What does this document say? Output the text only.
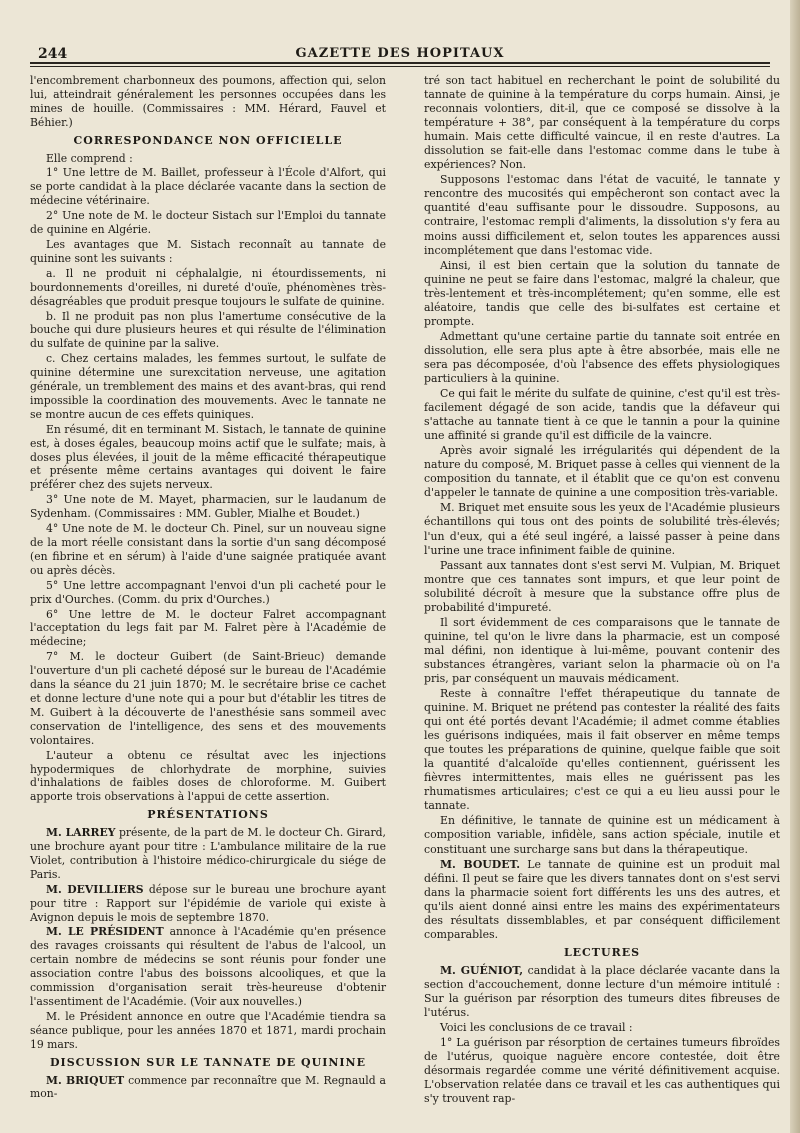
244	GAZETTE DES HOPITAUX

l'encombrement charbonneux des poumons, affection qui, selon lui, atteindrait généralement les personnes occupées dans les mines de houille. (Commissaires : MM. Hérard, Fauvel et Béhier.)

CORRESPONDANCE NON OFFICIELLE

Elle comprend :

1° Une lettre de M. Baillet, professeur à l'École d'Alfort, qui se porte candidat à la place déclarée vacante dans la section de médecine vétérinaire.

2° Une note de M. le docteur Sistach sur l'Emploi du tannate de quinine en Algérie.

Les avantages que M. Sistach reconnaît au tannate de quinine sont les suivants :

a. Il ne produit ni céphalalgie, ni étourdissements, ni bourdonnements d'oreilles, ni dureté d'ouïe, phénomènes très-désagréables que produit presque toujours le sulfate de quinine.

b. Il ne produit pas non plus l'amertume consécutive de la bouche qui dure plusieurs heures et qui résulte de l'élimination du sulfate de quinine par la salive.

c. Chez certains malades, les femmes surtout, le sulfate de quinine détermine une surexcitation nerveuse, une agitation générale, un tremblement des mains et des avant-bras, qui rend impossible la coordination des mouvements. Avec le tannate ne se montre aucun de ces effets quiniques.

En résumé, dit en terminant M. Sistach, le tannate de quinine est, à doses égales, beaucoup moins actif que le sulfate; mais, à doses plus élevées, il jouit de la même efficacité thérapeutique et présente même certains avantages qui doivent le faire préférer chez des sujets nerveux.

3° Une note de M. Mayet, pharmacien, sur le laudanum de Sydenham. (Commissaires : MM. Gubler, Mialhe et Boudet.)

4° Une note de M. le docteur Ch. Pinel, sur un nouveau signe de la mort réelle consistant dans la sortie d'un sang décomposé (en fibrine et en sérum) à l'aide d'une saignée pratiquée avant ou après décès.

5° Une lettre accompagnant l'envoi d'un pli cacheté pour le prix d'Ourches. (Comm. du prix d'Ourches.)

6° Une lettre de M. le docteur Falret accompagnant l'acceptation du legs fait par M. Falret père à l'Académie de médecine;

7° M. le docteur Guibert (de Saint-Brieuc) demande l'ouverture d'un pli cacheté déposé sur le bureau de l'Académie dans la séance du 21 juin 1870; M. le secrétaire brise ce cachet et donne lecture d'une note qui a pour but d'établir les titres de M. Guibert à la découverte de l'anesthésie sans sommeil avec conservation de l'intelligence, des sens et des mouvements volontaires.

L'auteur a obtenu ce résultat avec les injections hypodermiques de chlorhydrate de morphine, suivies d'inhalations de faibles doses de chloroforme. M. Guibert apporte trois observations à l'appui de cette assertion.

PRÉSENTATIONS

M. LARREY présente, de la part de M. le docteur Ch. Girard, une brochure ayant pour titre : L'ambulance militaire de la rue Violet, contribution à l'histoire médico-chirurgicale du siége de Paris.

M. DEVILLIERS dépose sur le bureau une brochure ayant pour titre : Rapport sur l'épidémie de variole qui existe à Avignon depuis le mois de septembre 1870.

M. LE PRÉSIDENT annonce à l'Académie qu'en présence des ravages croissants qui résultent de l'abus de l'alcool, un certain nombre de médecins se sont réunis pour fonder une association contre l'abus des boissons alcooliques, et que la commission d'organisation serait très-heureuse d'obtenir l'assentiment de l'Académie. (Voir aux nouvelles.)

M. le Président annonce en outre que l'Académie tiendra sa séance publique, pour les années 1870 et 1871, mardi prochain 19 mars.

DISCUSSION SUR LE TANNATE DE QUININE

M. BRIQUET commence par reconnaître que M. Regnauld a mon-

tré son tact habituel en recherchant le point de solubilité du tannate de quinine à la température du corps humain. Ainsi, je reconnais volontiers, dit-il, que ce composé se dissolve à la température + 38°, par conséquent à la température du corps humain. Mais cette difficulté vaincue, il en reste d'autres. La dissolution se fait-elle dans l'estomac comme dans le tube à expériences? Non.

Supposons l'estomac dans l'état de vacuité, le tannate y rencontre des mucosités qui empêcheront son contact avec la quantité d'eau suffisante pour le dissoudre. Supposons, au contraire, l'estomac rempli d'aliments, la dissolution s'y fera au moins aussi difficilement et, selon toutes les apparences aussi incomplétement que dans l'estomac vide.

Ainsi, il est bien certain que la solution du tannate de quinine ne peut se faire dans l'estomac, malgré la chaleur, que très-lentement et très-incomplétement; qu'en somme, elle est aléatoire, tandis que celle des bi-sulfates est certaine et prompte.

Admettant qu'une certaine partie du tannate soit entrée en dissolution, elle sera plus apte à être absorbée, mais elle ne sera pas décomposée, d'où l'absence des effets physiologiques particuliers à la quinine.

Ce qui fait le mérite du sulfate de quinine, c'est qu'il est très-facilement dégagé de son acide, tandis que la défaveur qui s'attache au tannate tient à ce que le tannin a pour la quinine une affinité si grande qu'il est difficile de la vaincre.

Après avoir signalé les irrégularités qui dépendent de la nature du composé, M. Briquet passe à celles qui viennent de la composition du tannate, et il établit que ce qu'on est convenu d'appeler le tannate de quinine a une composition très-variable.

M. Briquet met ensuite sous les yeux de l'Académie plusieurs échantillons qui tous ont des points de solubilité très-élevés; l'un d'eux, qui a été seul ingéré, a laissé passer à peine dans l'urine une trace infiniment faible de quinine.

Passant aux tannates dont s'est servi M. Vulpian, M. Briquet montre que ces tannates sont impurs, et que leur point de solubilité décroît à mesure que la substance offre plus de probabilité d'impureté.

Il sort évidemment de ces comparaisons que le tannate de quinine, tel qu'on le livre dans la pharmacie, est un composé mal défini, non identique à lui-même, pouvant contenir des substances étrangères, variant selon la pharmacie où on l'a pris, par conséquent un mauvais médicament.

Reste à connaître l'effet thérapeutique du tannate de quinine. M. Briquet ne prétend pas contester la réalité des faits qui ont été portés devant l'Académie; il admet comme établies les guérisons indiquées, mais il fait observer en même temps que toutes les préparations de quinine, quelque faible que soit la quantité d'alcaloïde qu'elles contiennent, guérissent les fièvres intermittentes, mais elles ne guérissent pas les rhumatismes articulaires; c'est ce qui a eu lieu aussi pour le tannate.

En définitive, le tannate de quinine est un médicament à composition variable, infidèle, sans action spéciale, inutile et constituant une surcharge sans but dans la thérapeutique.

M. BOUDET. Le tannate de quinine est un produit mal défini. Il peut se faire que les divers tannates dont on s'est servi dans la pharmacie soient fort différents les uns des autres, et qu'ils aient donné ainsi entre les mains des expérimentateurs des résultats dissemblables, et par conséquent difficilement comparables.

LECTURES

M. GUÉNIOT, candidat à la place déclarée vacante dans la section d'accouchement, donne lecture d'un mémoire intitulé : Sur la guérison par résorption des tumeurs dites fibreuses de l'utérus.

Voici les conclusions de ce travail :

1° La guérison par résorption de certaines tumeurs fibroïdes de l'utérus, quoique naguère encore contestée, doit être désormais regardée comme une vérité définitivement acquise. L'observation relatée dans ce travail et les cas authentiques qui s'y trouvent rap-
